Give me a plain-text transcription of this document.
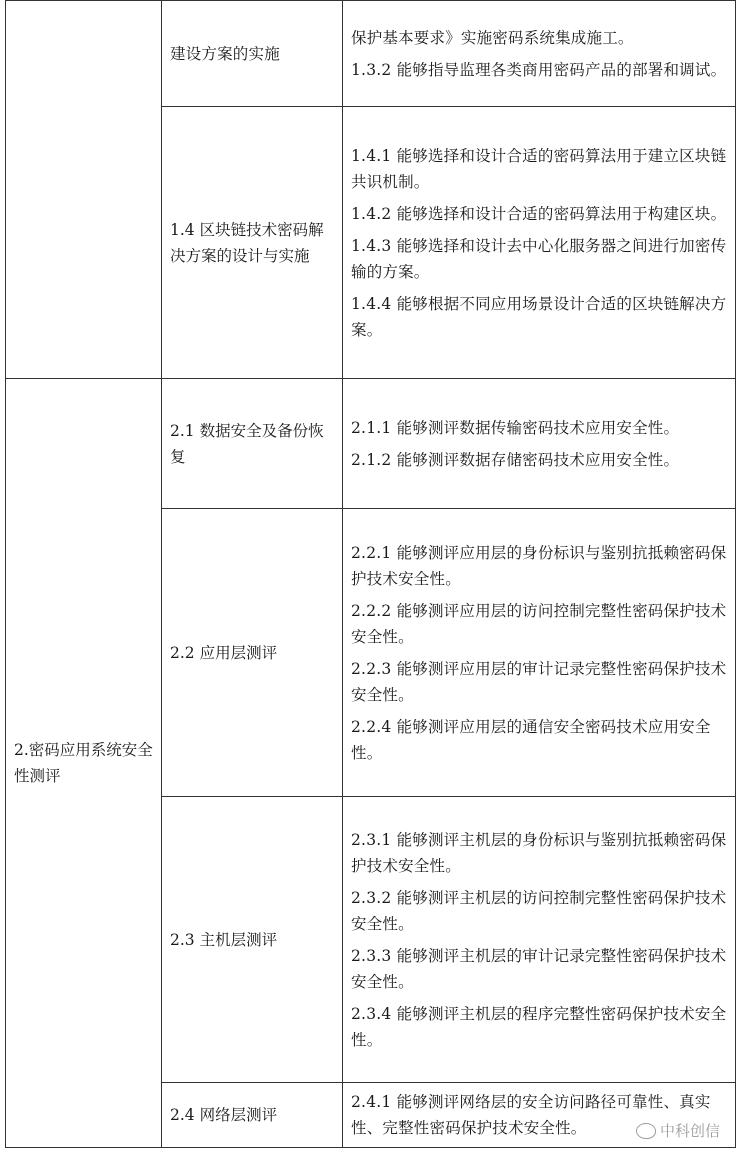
	建设方案的实施	保护基本要求》实施密码系统集成施工。
1.3.2 能够指导监理各类商用密码产品的部署和调试。

	1.4 区块链技术密码解决方案的设计与实施	1.4.1 能够选择和设计合适的密码算法用于建立区块链共识机制。
1.4.2 能够选择和设计合适的密码算法用于构建区块。
1.4.3 能够选择和设计去中心化服务器之间进行加密传输的方案。
1.4.4 能够根据不同应用场景设计合适的区块链解决方案。

2.密码应用系统安全性测评	2.1 数据安全及备份恢复	2.1.1 能够测评数据传输密码技术应用安全性。
2.1.2 能够测评数据存储密码技术应用安全性。

	2.2 应用层测评	2.2.1 能够测评应用层的身份标识与鉴别抗抵赖密码保护技术安全性。
2.2.2 能够测评应用层的访问控制完整性密码保护技术安全性。
2.2.3 能够测评应用层的审计记录完整性密码保护技术安全性。
2.2.4 能够测评应用层的通信安全密码技术应用安全性。

	2.3 主机层测评	2.3.1 能够测评主机层的身份标识与鉴别抗抵赖密码保护技术安全性。
2.3.2 能够测评主机层的访问控制完整性密码保护技术安全性。
2.3.3 能够测评主机层的审计记录完整性密码保护技术安全性。
2.3.4 能够测评主机层的程序完整性密码保护技术安全性。

	2.4 网络层测评	2.4.1 能够测评网络层的安全访问路径可靠性、真实性、完整性密码保护技术安全性。	中科创信
